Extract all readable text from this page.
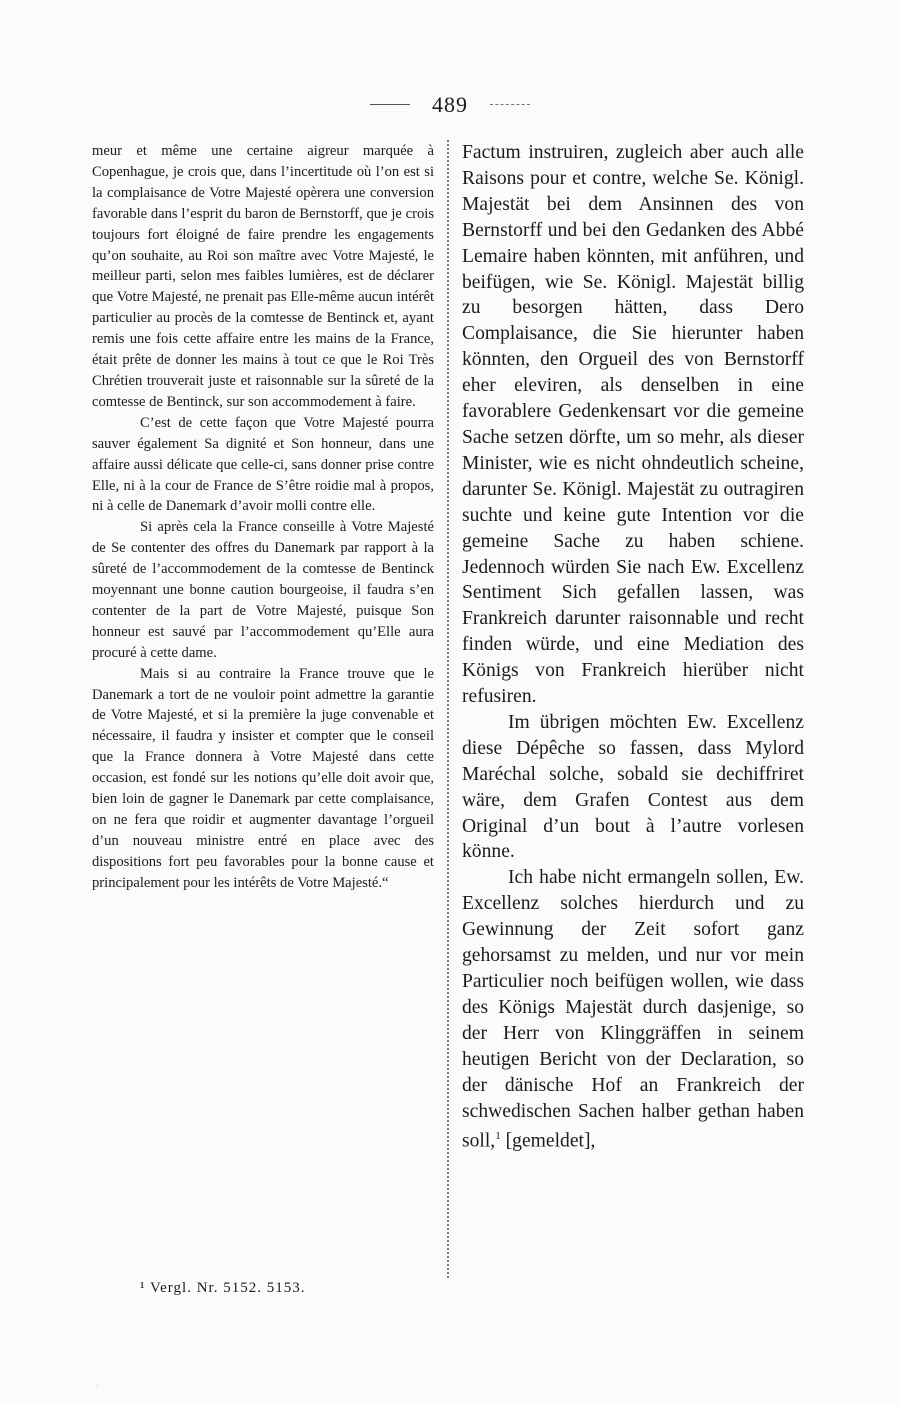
489

meur et même une certaine aigreur marquée à Copenhague, je crois que, dans l’incertitude où l’on est si la complaisance de Votre Majesté opèrera une conversion favorable dans l’esprit du baron de Bernstorff, que je crois toujours fort éloigné de faire prendre les engagements qu’on souhaite, au Roi son maître avec Votre Majesté, le meilleur parti, selon mes faibles lumières, est de déclarer que Votre Majesté, ne prenait pas Elle-même aucun intérêt particulier au procès de la comtesse de Bentinck et, ayant remis une fois cette affaire entre les mains de la France, était prête de donner les mains à tout ce que le Roi Très Chrétien trouverait juste et raisonnable sur la sûreté de la comtesse de Bentinck, sur son accommodement à faire.

C’est de cette façon que Votre Majesté pourra sauver également Sa dignité et Son honneur, dans une affaire aussi délicate que celle-ci, sans donner prise contre Elle, ni à la cour de France de S’être roidie mal à propos, ni à celle de Danemark d’avoir molli contre elle.

Si après cela la France conseille à Votre Majesté de Se contenter des offres du Danemark par rapport à la sûreté de l’accommodement de la comtesse de Bentinck moyennant une bonne caution bourgeoise, il faudra s’en contenter de la part de Votre Majesté, puisque Son honneur est sauvé par l’accommodement qu’Elle aura procuré à cette dame.

Mais si au contraire la France trouve que le Danemark a tort de ne vouloir point admettre la garantie de Votre Majesté, et si la première la juge convenable et nécessaire, il faudra y insister et compter que le conseil que la France donnera à Votre Majesté dans cette occasion, est fondé sur les notions qu’elle doit avoir que, bien loin de gagner le Danemark par cette complaisance, on ne fera que roidir et augmenter davantage l’orgueil d’un nouveau ministre entré en place avec des dispositions fort peu favorables pour la bonne cause et principalement pour les intérêts de Votre Majesté.“

Factum instruiren, zugleich aber auch alle Raisons pour et contre, welche Se. Königl. Majestät bei dem Ansinnen des von Bernstorff und bei den Gedanken des Abbé Lemaire haben könnten, mit anführen, und beifügen, wie Se. Königl. Majestät billig zu besorgen hätten, dass Dero Complaisance, die Sie hierunter haben könnten, den Orgueil des von Bernstorff eher eleviren, als denselben in eine favorablere Gedenkensart vor die gemeine Sache setzen dörfte, um so mehr, als dieser Minister, wie es nicht ohndeutlich scheine, darunter Se. Königl. Majestät zu outragiren suchte und keine gute Intention vor die gemeine Sache zu haben schiene. Jedennoch würden Sie nach Ew. Excellenz Sentiment Sich gefallen lassen, was Frankreich darunter raisonnable und recht finden würde, und eine Mediation des Königs von Frankreich hierüber nicht refusiren.

Im übrigen möchten Ew. Excellenz diese Dépêche so fassen, dass Mylord Maréchal solche, sobald sie dechiffriret wäre, dem Grafen Contest aus dem Original d’un bout à l’autre vorlesen könne.

Ich habe nicht ermangeln sollen, Ew. Excellenz solches hierdurch und zu Gewinnung der Zeit sofort ganz gehorsamst zu melden, und nur vor mein Particulier noch beifügen wollen, wie dass des Königs Majestät durch dasjenige, so der Herr von Klinggräffen in seinem heutigen Bericht von der Declaration, so der dänische Hof an Frankreich der schwedischen Sachen halber gethan haben soll,$^1$ [gemeldet],

¹ Vergl. Nr. 5152. 5153.
·
